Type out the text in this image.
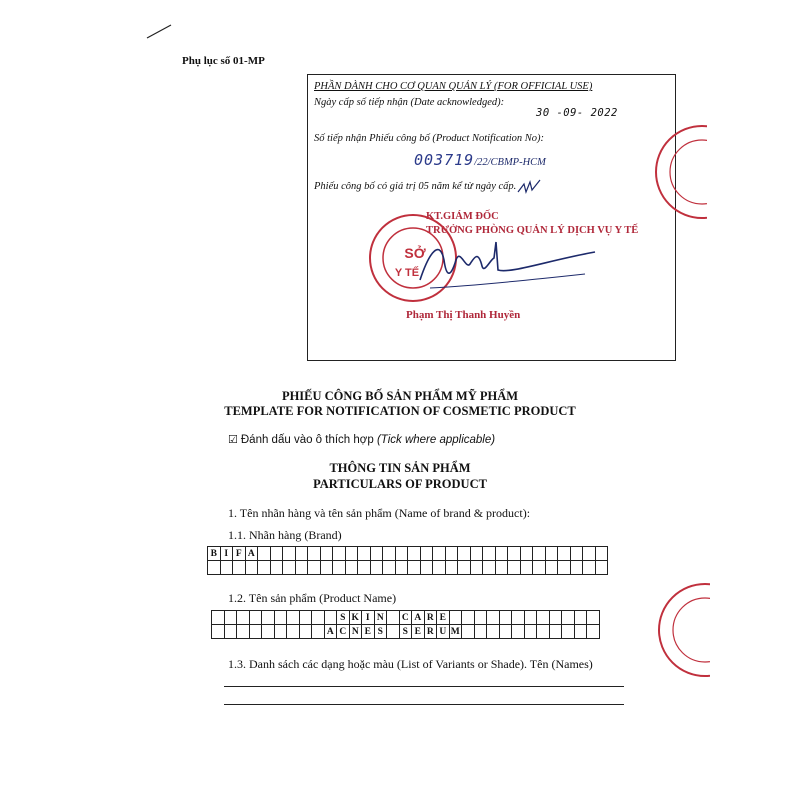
Phụ lục số 01-MP
PHẦN DÀNH CHO CƠ QUAN QUẢN LÝ (FOR OFFICIAL USE)
Ngày cấp số tiếp nhận (Date acknowledged):
30 -09- 2022
Số tiếp nhận Phiếu công bố (Product Notification No):
003719/22/CBMP-HCM
Phiếu công bố có giá trị 05 năm kể từ ngày cấp.
KT.GIÁM ĐỐC
TRƯỞNG PHÒNG QUẢN LÝ DỊCH VỤ Y TẾ
Phạm Thị Thanh Huyền
SỞ
Y TẾ
PHIẾU CÔNG BỐ SẢN PHẨM MỸ PHẨM
TEMPLATE FOR NOTIFICATION OF COSMETIC PRODUCT
☑ Đánh dấu vào ô thích hợp (Tick where applicable)
THÔNG TIN SẢN PHẨM
PARTICULARS OF PRODUCT
1. Tên nhãn hàng và tên sản phẩm (Name of brand & product):
1.1. Nhãn hàng (Brand)
B	I	F	A																												

1.2. Tên sản phẩm (Product Name)
										S	K	I	N		C	A	R	E												
									A	C	N	E	S		S	E	R	U	M											
1.3. Danh sách các dạng hoặc màu (List of Variants or Shade). Tên (Names)
